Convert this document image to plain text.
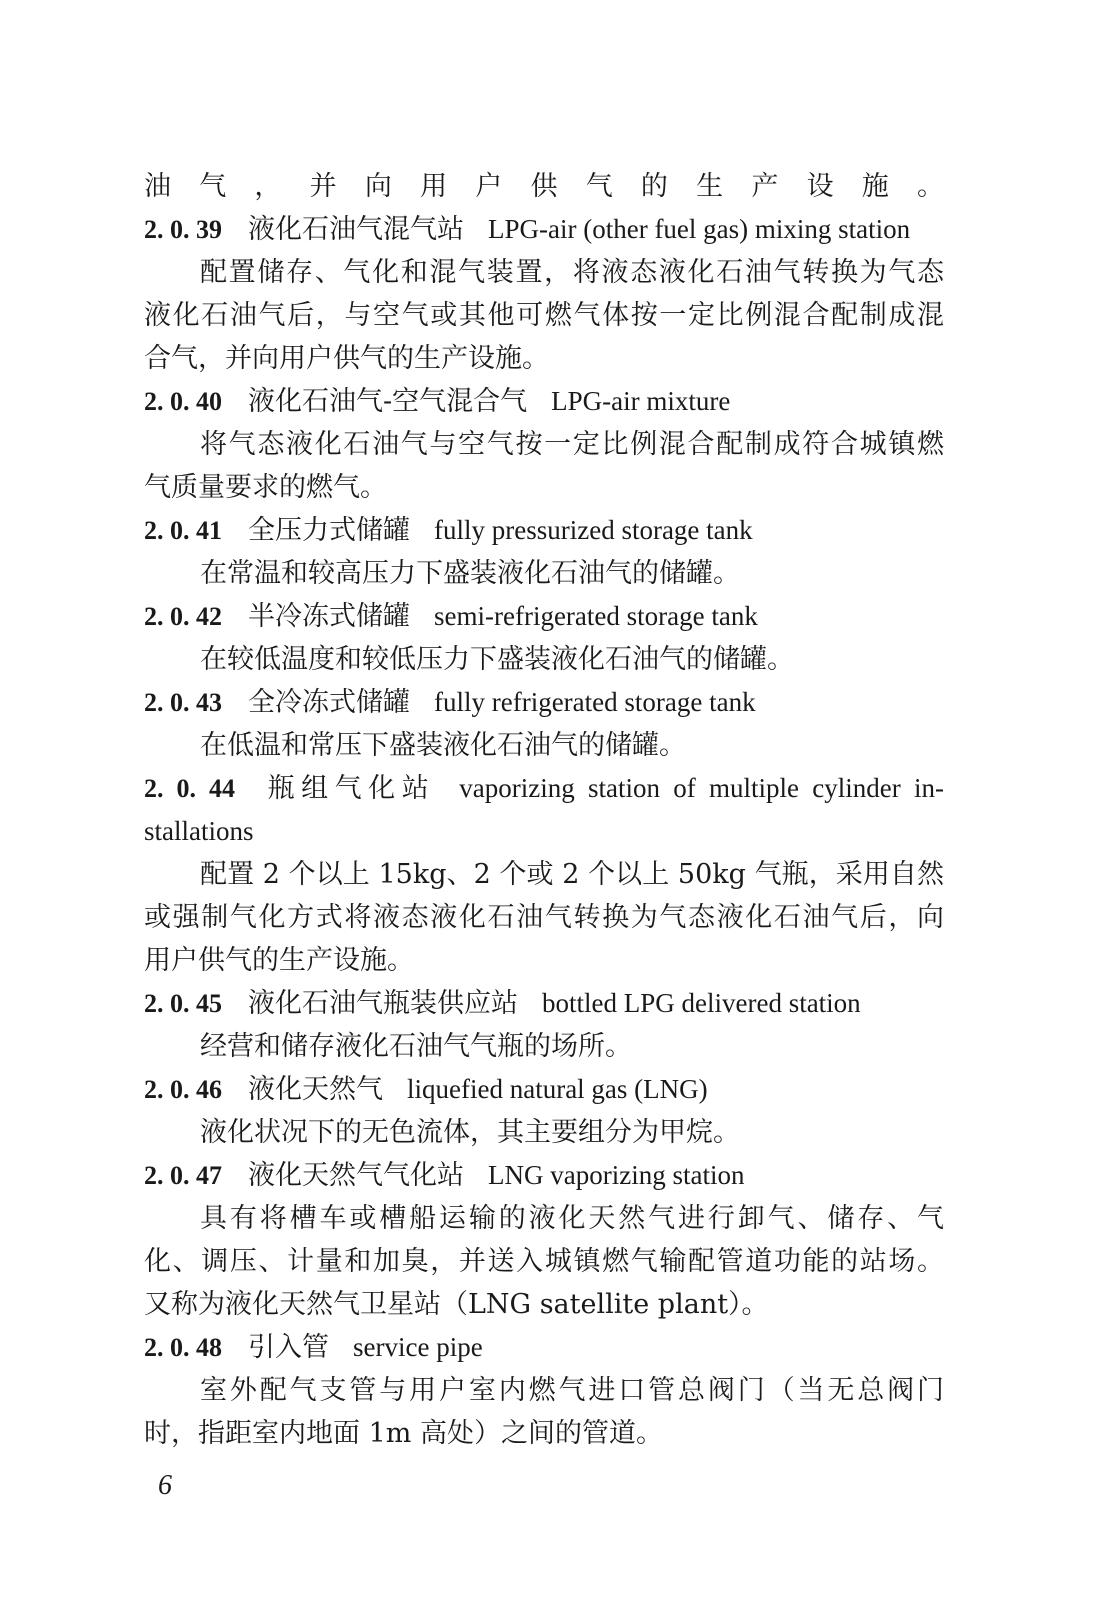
油气，并向用户供气的生产设施。
2. 0. 39 液化石油气混气站 LPG-air (other fuel gas) mixing station
配置储存、气化和混气装置，将液态液化石油气转换为气态
液化石油气后，与空气或其他可燃气体按一定比例混合配制成混
合气，并向用户供气的生产设施。
2. 0. 40 液化石油气-空气混合气 LPG-air mixture
将气态液化石油气与空气按一定比例混合配制成符合城镇燃
气质量要求的燃气。
2. 0. 41 全压力式储罐 fully pressurized storage tank
在常温和较高压力下盛装液化石油气的储罐。
2. 0. 42 半冷冻式储罐 semi-refrigerated storage tank
在较低温度和较低压力下盛装液化石油气的储罐。
2. 0. 43 全冷冻式储罐 fully refrigerated storage tank
在低温和常压下盛装液化石油气的储罐。
2. 0. 44 瓶组气化站 vaporizing station of multiple cylinder in-
stallations
配置 2 个以上 15kg、2 个或 2 个以上 50kg 气瓶，采用自然
或强制气化方式将液态液化石油气转换为气态液化石油气后，向
用户供气的生产设施。
2. 0. 45 液化石油气瓶装供应站 bottled LPG delivered station
经营和储存液化石油气气瓶的场所。
2. 0. 46 液化天然气 liquefied natural gas (LNG)
液化状况下的无色流体，其主要组分为甲烷。
2. 0. 47 液化天然气气化站 LNG vaporizing station
具有将槽车或槽船运输的液化天然气进行卸气、储存、气
化、调压、计量和加臭，并送入城镇燃气输配管道功能的站场。
又称为液化天然气卫星站（LNG satellite plant）。
2. 0. 48 引入管 service pipe
室外配气支管与用户室内燃气进口管总阀门（当无总阀门
时，指距室内地面 1m 高处）之间的管道。
6
